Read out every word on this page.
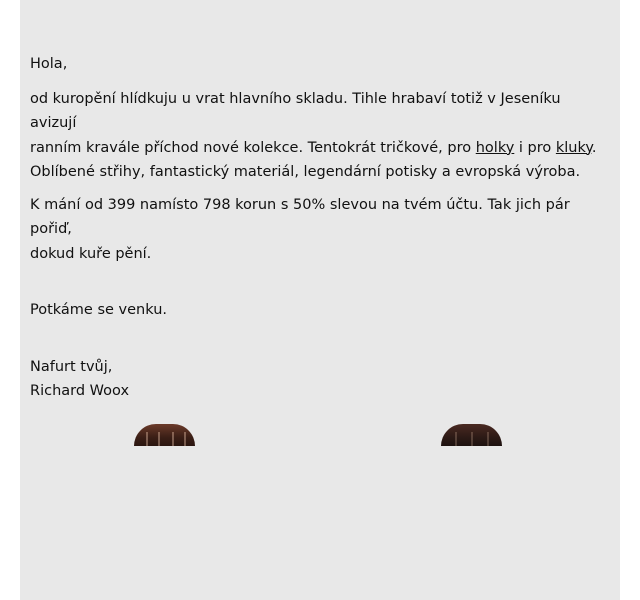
Hola,

od kuropění hlídkuju u vrat hlavního skladu. Tihle hrabaví totiž v Jeseníku avizují
ranním kravále příchod nové kolekce. Tentokrát tričkové, pro holky i pro kluky.
Oblíbené střihy, fantastický materiál, legendární potisky a evropská výroba.

K mání od 399 namísto 798 korun s 50% slevou na tvém účtu. Tak jich pár pořiď,
dokud kuře pění.

Potkáme se venku.

Nafurt tvůj,
Richard Woox
